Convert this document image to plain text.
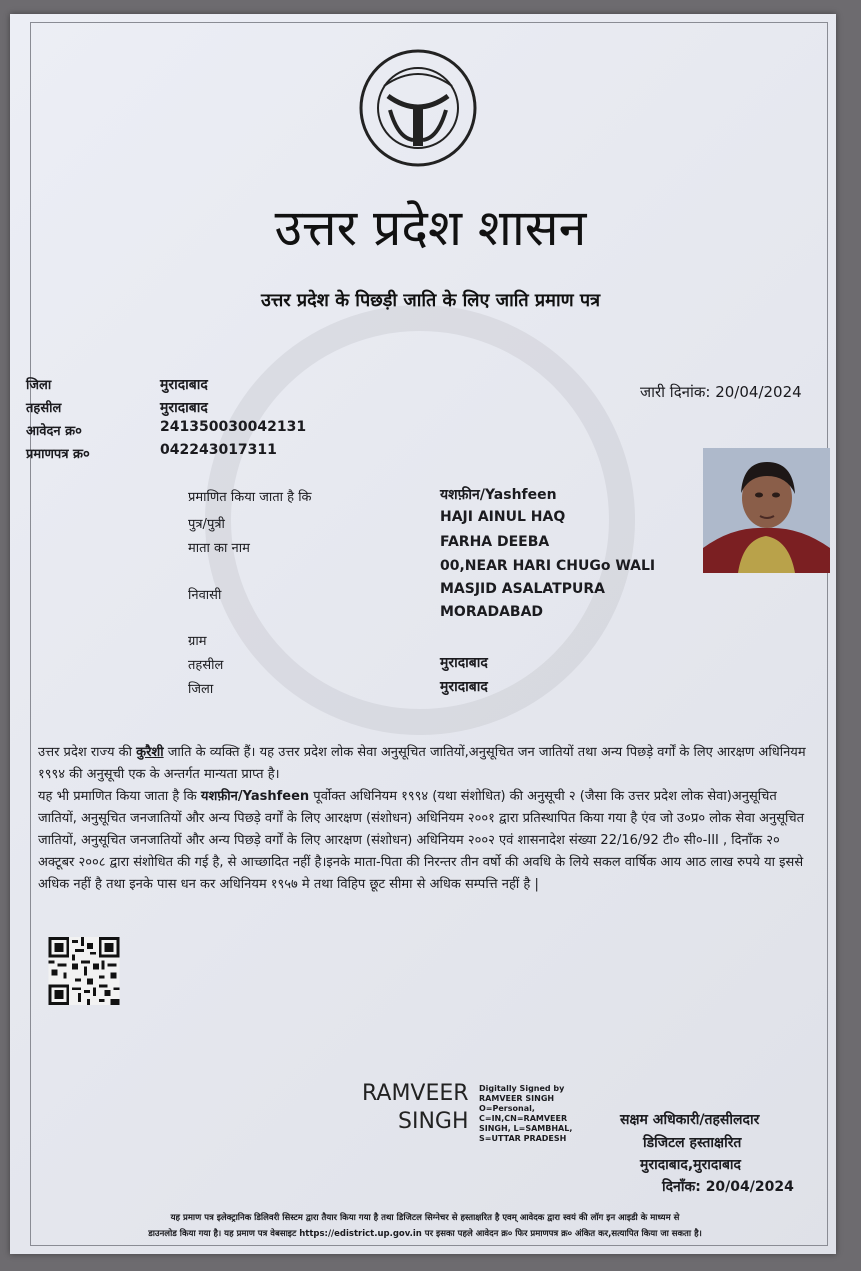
उत्तर प्रदेश शासन
उत्तर प्रदेश के पिछड़ी जाति के लिए जाति प्रमाण पत्र
जिला	मुरादाबाद
तहसील	मुरादाबाद
आवेदन क्र०	241350030042131
प्रमाणपत्र क्र०	042243017311
जारी दिनांक: 20/04/2024
प्रमाणित किया जाता है कि	यशफ़ीन/Yashfeen
पुत्र/पुत्री	HAJI AINUL HAQ
माता का नाम	FARHA DEEBA
00,NEAR HARI CHUGo WALI
निवासी	MASJID ASALATPURA
MORADABAD
ग्राम
तहसील	मुरादाबाद
जिला	मुरादाबाद

उत्तर प्रदेश राज्य की कुरैशी जाति के व्यक्ति हैं। यह उत्तर प्रदेश लोक सेवा अनुसूचित जातियों,अनुसूचित जन जातियों तथा अन्य पिछड़े वर्गों के लिए आरक्षण अधिनियम १९९४ की अनुसूची एक के अन्तर्गत मान्यता प्राप्त है।

यह भी प्रमाणित किया जाता है कि यशफ़ीन/Yashfeen पूर्वोक्त अधिनियम १९९४ (यथा संशोधित) की अनुसूची २ (जैसा कि उत्तर प्रदेश लोक सेवा)अनुसूचित जातियों, अनुसूचित जनजातियों और अन्य पिछड़े वर्गों के लिए आरक्षण (संशोधन) अधिनियम २००१ द्वारा प्रतिस्थापित किया गया है एंव जो उ०प्र० लोक सेवा अनुसूचित जातियों, अनुसूचित जनजातियों और अन्य पिछड़े वर्गों के लिए आरक्षण (संशोधन) अधिनियम २००२ एवं शासनादेश संख्या 22/16/92 टी० सी०-III , दिनाँक २० अक्टूबर २००८ द्वारा संशोधित की गई है, से आच्छादित नहीं है।इनके माता-पिता की निरन्तर तीन वर्षो की अवधि के लिये सकल वार्षिक आय आठ लाख रुपये या इससे अधिक नहीं है तथा इनके पास धन कर अधिनियम १९५७ मे तथा विहिप छूट सीमा से अधिक सम्पत्ति नहीं है |

RAMVEER
SINGH
Digitally Signed by
RAMVEER SINGH
O=Personal,
C=IN,CN=RAMVEER
SINGH, L=SAMBHAL,
S=UTTAR PRADESH
सक्षम अधिकारी/तहसीलदार
डिजिटल हस्ताक्षरित
मुरादाबाद,मुरादाबाद
दिनाँक: 20/04/2024
यह प्रमाण पत्र इलेक्ट्रानिक डिलिवरी सिस्टम द्वारा तैयार किया गया है तथा डिजिटल सिग्नेचर से हस्ताक्षरित है एवम् आवेदक द्वारा स्वयं की लॉग इन आइडी के माध्यम से
डाउनलोड किया गया है। यह प्रमाण पत्र वेबसाइट https://edistrict.up.gov.in पर इसका पहले आवेदन क्र० फिर प्रमाणपत्र क्र० अंकित कर,सत्यापित किया जा सकता है।
